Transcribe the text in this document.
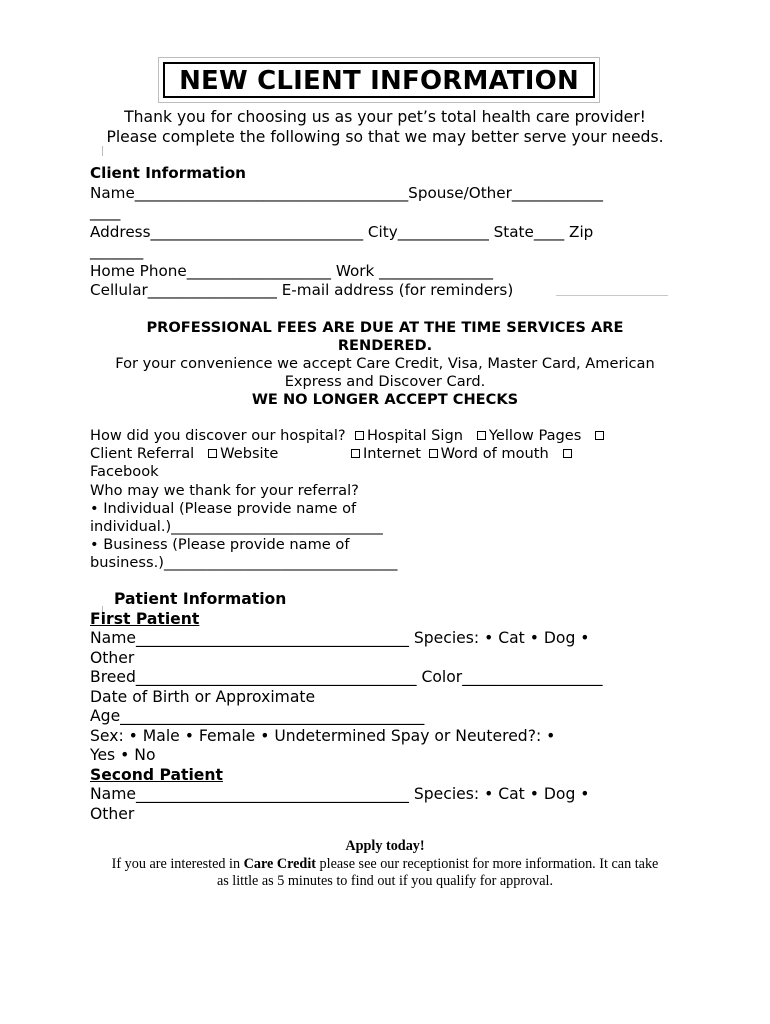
NEW CLIENT INFORMATION
Thank you for choosing us as your pet’s total health care provider!
Please complete the following so that we may better serve your needs.
Client Information
Name____________________________________Spouse/Other____________
____
Address____________________________ City____________ State____ Zip
_______
Home Phone___________________ Work _______________
Cellular_________________ E-mail address (for reminders)
PROFESSIONAL FEES ARE DUE AT THE TIME SERVICES ARE
RENDERED.
For your convenience we accept Care Credit, Visa, Master Card, American
Express and Discover Card.
WE NO LONGER ACCEPT CHECKS
How did you discover our hospital? Hospital Sign Yellow Pages
Client Referral Website	Internet Word of mouth
Facebook
Who may we thank for your referral?
• Individual (Please provide name of
individual.)_____________________________
• Business (Please provide name of
business.)________________________________
Patient Information
First Patient
Name___________________________________ Species: • Cat • Dog •
Other
Breed____________________________________ Color__________________
Date of Birth or Approximate
Age_______________________________________
Sex: • Male • Female • Undetermined Spay or Neutered?: •
Yes • No
Second Patient
Name___________________________________ Species: • Cat • Dog •
Other
Apply today!
If you are interested in Care Credit please see our receptionist for more information. It can take
as little as 5 minutes to find out if you qualify for approval.
